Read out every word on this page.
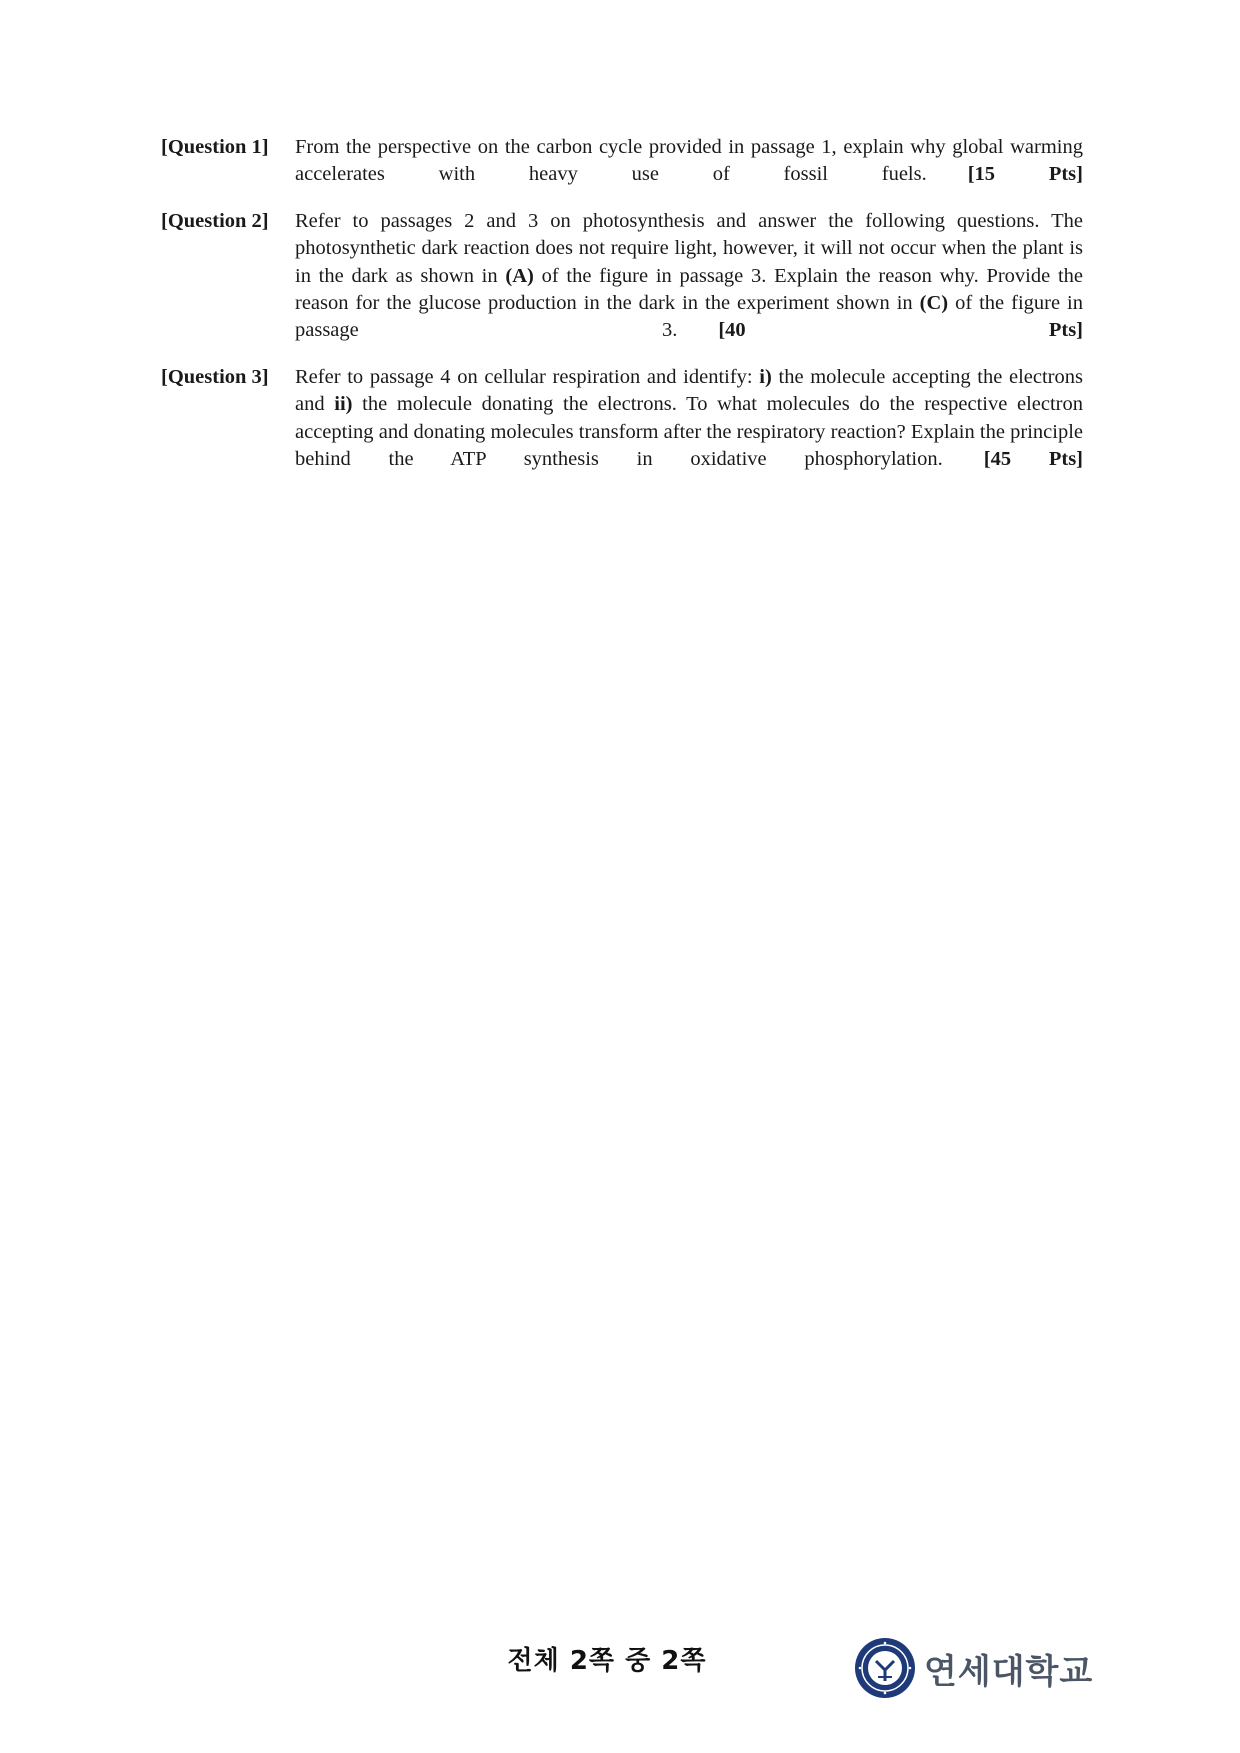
[Question 1]	From the perspective on the carbon cycle provided in passage 1, explain why global warming accelerates with heavy use of fossil fuels.   [15 Pts]
[Question 2]	Refer to passages 2 and 3 on photosynthesis and answer the following questions. The photosynthetic dark reaction does not require light, however, it will not occur when the plant is in the dark as shown in (A) of the figure in passage 3. Explain the reason why. Provide the reason for the glucose production in the dark in the experiment shown in (C) of the figure in passage 3.   [40 Pts]
[Question 3]	Refer to passage 4 on cellular respiration and identify: i) the molecule accepting the electrons and ii) the molecule donating the electrons. To what molecules do the respective electron accepting and donating molecules transform after the respiratory reaction? Explain the principle behind the ATP synthesis in oxidative phosphorylation.   [45 Pts]
전체 2쪽 중 2쪽	연세대학교
